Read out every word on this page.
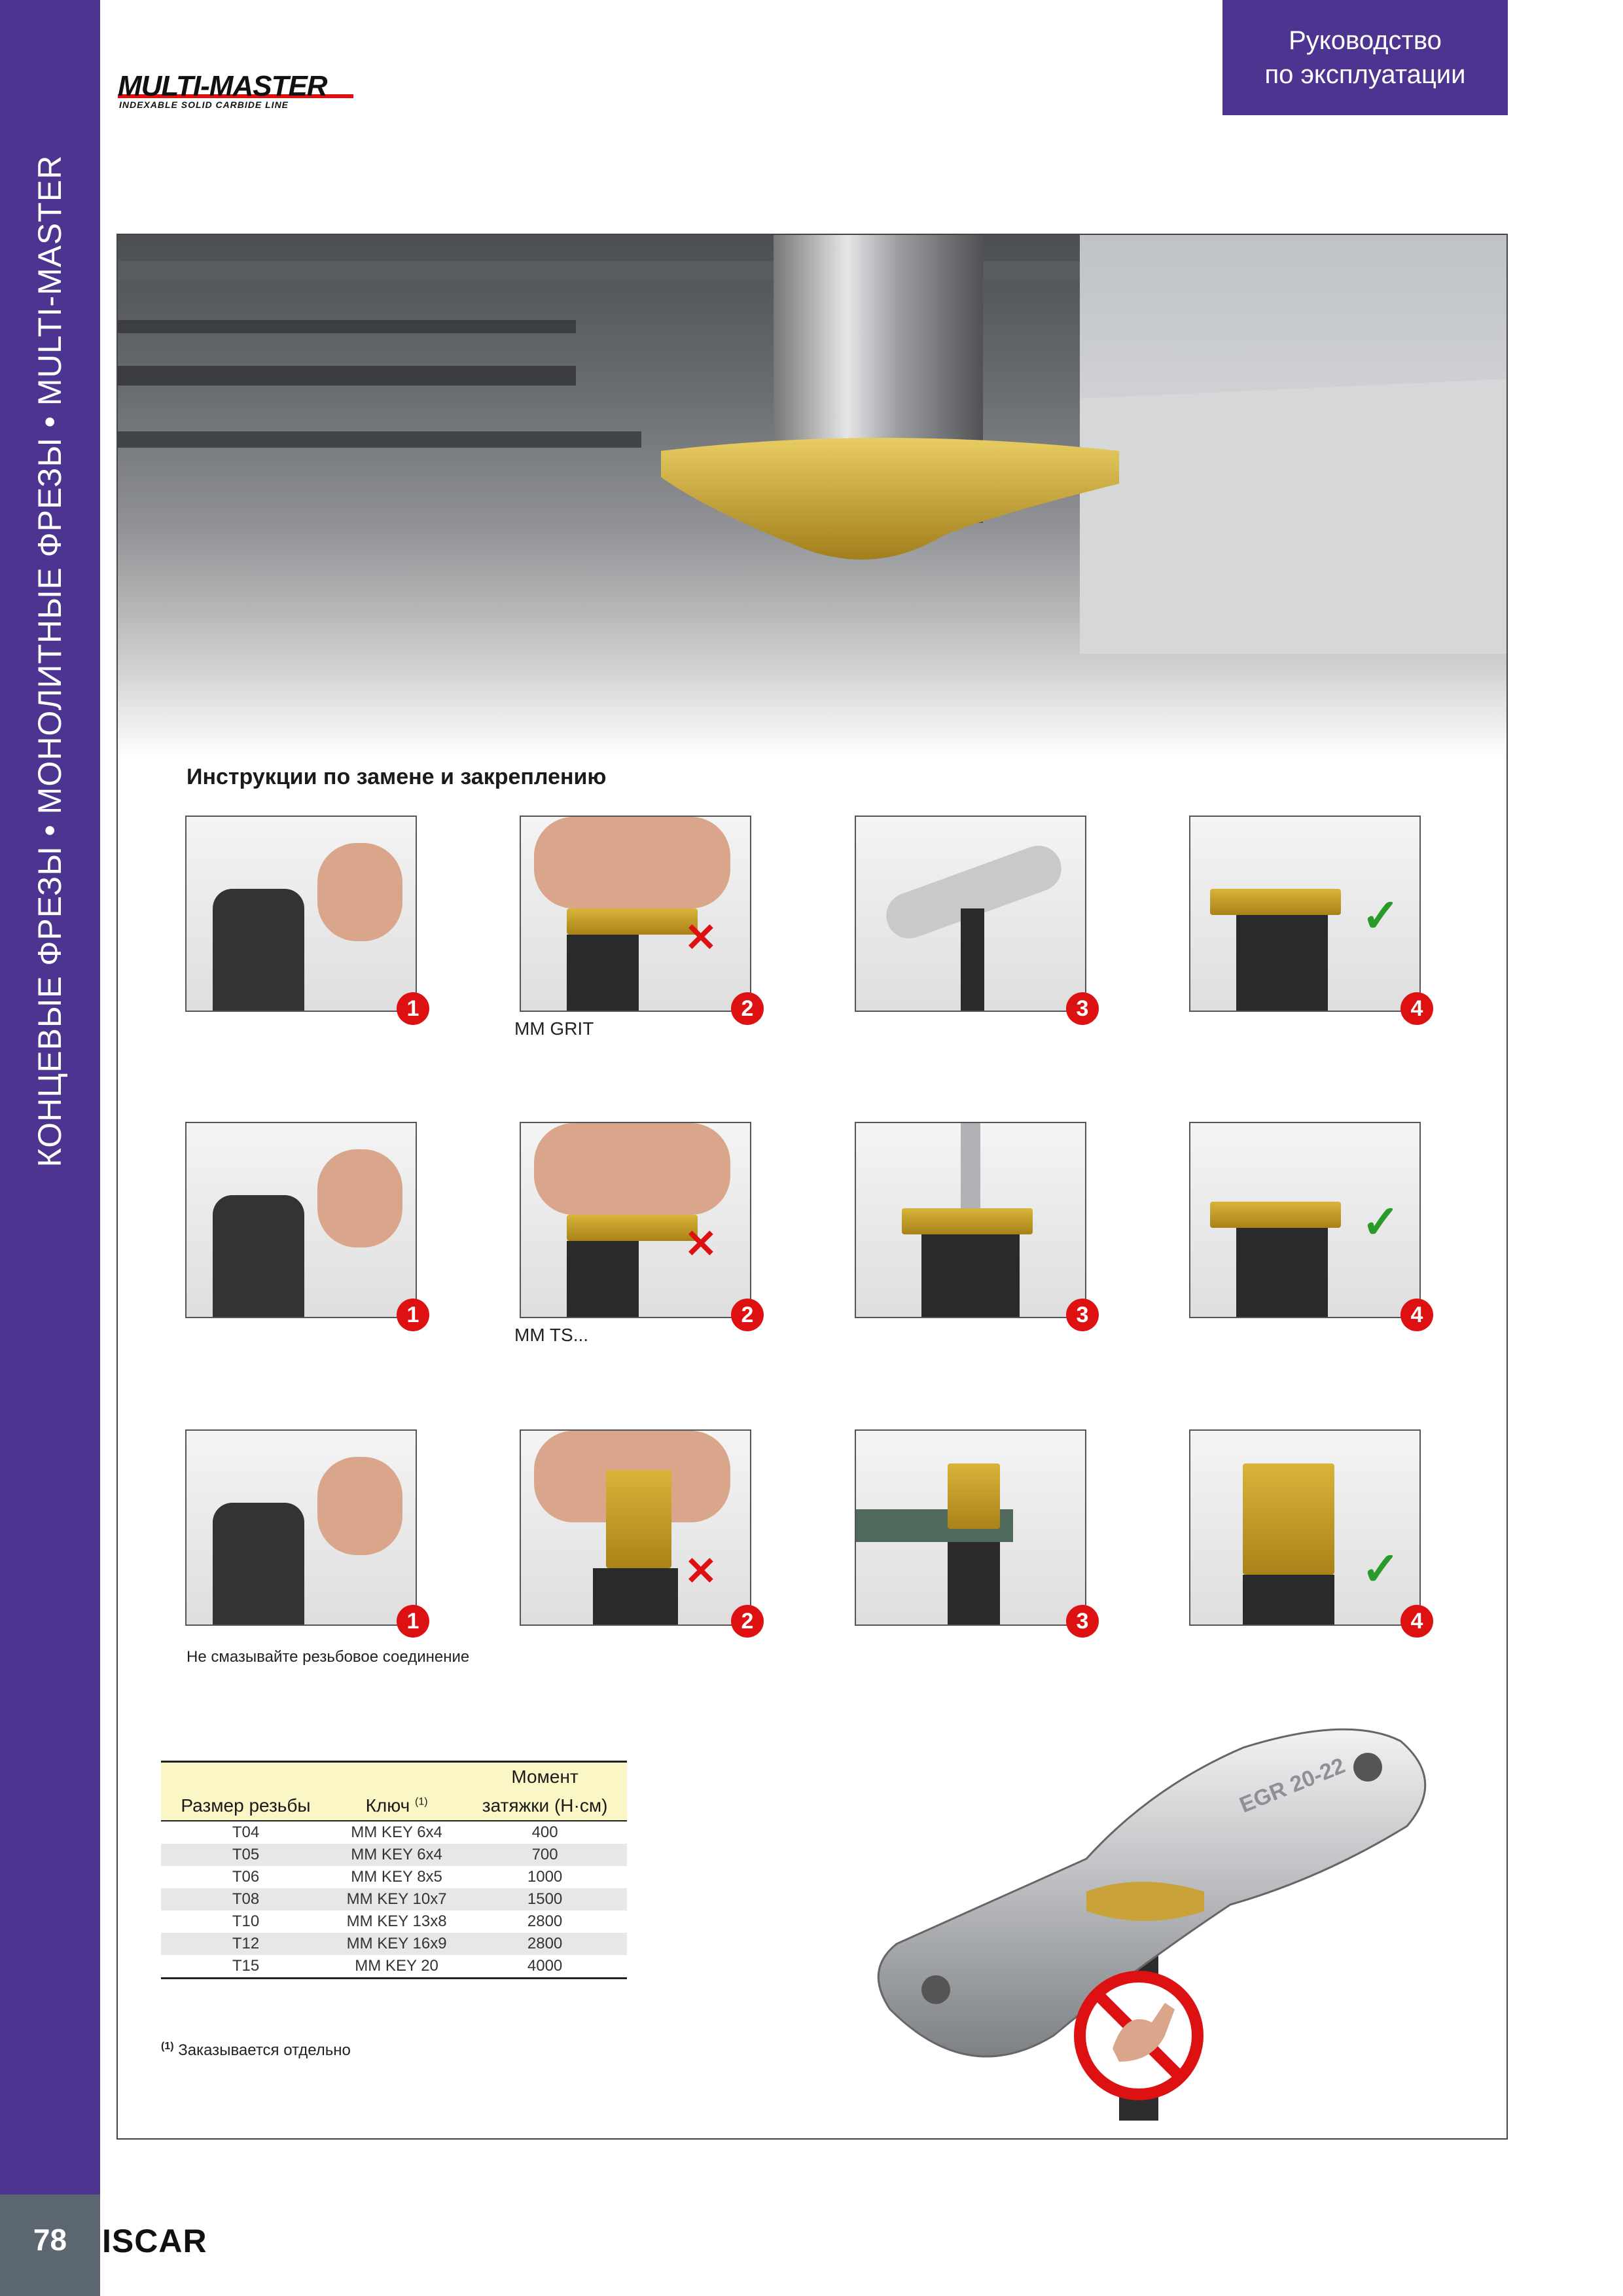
КОНЦЕВЫЕ ФРЕЗЫ • МОНОЛИТНЫЕ ФРЕЗЫ • MULTI-MASTER
78	ISCAR
MULTI-MASTER
INDEXABLE SOLID CARBIDE LINE
Руководство
по эксплуатации
Инструкции по замене и закреплению
1
✕
2
MM GRIT
3
✓
4
1
✕
2
MM TS...
3
✓
4
1
Не смазывайте резьбовое соединение
✕
2	3
✓
4
		Момент
Размер резьбы	Ключ $^{(1)}$	затяжки (Н·см)
T04	MM KEY 6x4	400
T05	MM KEY 6x4	700
T06	MM KEY 8x5	1000
T08	MM KEY 10x7	1500
T10	MM KEY 13x8	2800
T12	MM KEY 16x9	2800
T15	MM KEY 20	4000
$^{(1)}$ Заказывается отдельно
EGR 20-22
